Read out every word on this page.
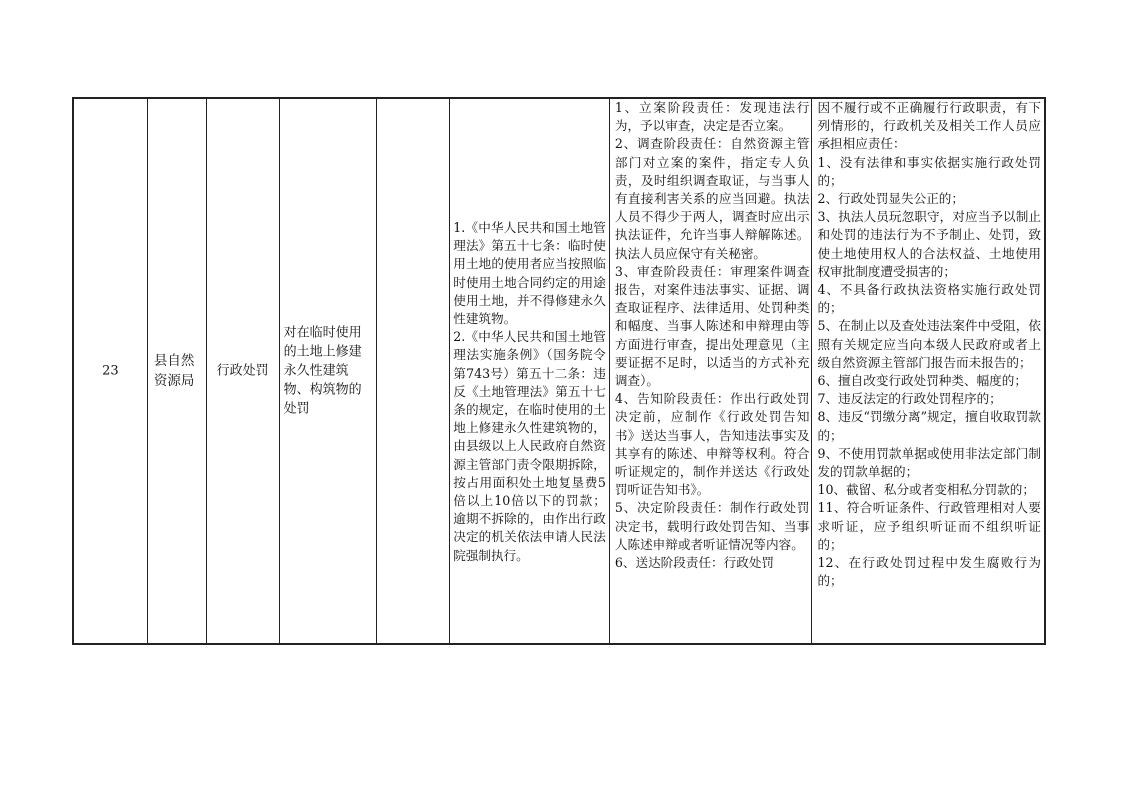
23
县自然资源局
行政处罚
对在临时使用的土地上修建永久性建筑物、构筑物的处罚

1.《中华人民共和国土地管理法》第五十七条：临时使用土地的使用者应当按照临时使用土地合同约定的用途使用土地，并不得修建永久性建筑物。

2.《中华人民共和国土地管理法实施条例》（国务院令第743号）第五十二条：违反《土地管理法》第五十七条的规定，在临时使用的土地上修建永久性建筑物的，由县级以上人民政府自然资源主管部门责令限期拆除，按占用面积处土地复垦费5倍以上10倍以下的罚款；逾期不拆除的，由作出行政决定的机关依法申请人民法院强制执行。

1、立案阶段责任：发现违法行为，予以审查，决定是否立案。

2、调查阶段责任：自然资源主管部门对立案的案件，指定专人负责，及时组织调查取证，与当事人有直接利害关系的应当回避。执法人员不得少于两人，调查时应出示执法证件，允许当事人辩解陈述。执法人员应保守有关秘密。

3、审查阶段责任：审理案件调查报告，对案件违法事实、证据、调查取证程序、法律适用、处罚种类和幅度、当事人陈述和申辩理由等方面进行审查，提出处理意见（主要证据不足时，以适当的方式补充调查）。

4、告知阶段责任：作出行政处罚决定前，应制作《行政处罚告知书》送达当事人，告知违法事实及其享有的陈述、申辩等权利。符合听证规定的，制作并送达《行政处罚听证告知书》。

5、决定阶段责任：制作行政处罚决定书，载明行政处罚告知、当事人陈述申辩或者听证情况等内容。

6、送达阶段责任：行政处罚

因不履行或不正确履行行政职责，有下列情形的，行政机关及相关工作人员应承担相应责任：

1、没有法律和事实依据实施行政处罚的；

2、行政处罚显失公正的；

3、执法人员玩忽职守，对应当予以制止和处罚的违法行为不予制止、处罚，致使土地使用权人的合法权益、土地使用权审批制度遭受损害的；

4、不具备行政执法资格实施行政处罚的；

5、在制止以及查处违法案件中受阻，依照有关规定应当向本级人民政府或者上级自然资源主管部门报告而未报告的；

6、擅自改变行政处罚种类、幅度的；

7、违反法定的行政处罚程序的；

8、违反“罚缴分离”规定，擅自收取罚款的；

9、不使用罚款单据或使用非法定部门制发的罚款单据的；

10、截留、私分或者变相私分罚款的；

11、符合听证条件、行政管理相对人要求听证，应予组织听证而不组织听证的；

12、在行政处罚过程中发生腐败行为的；
